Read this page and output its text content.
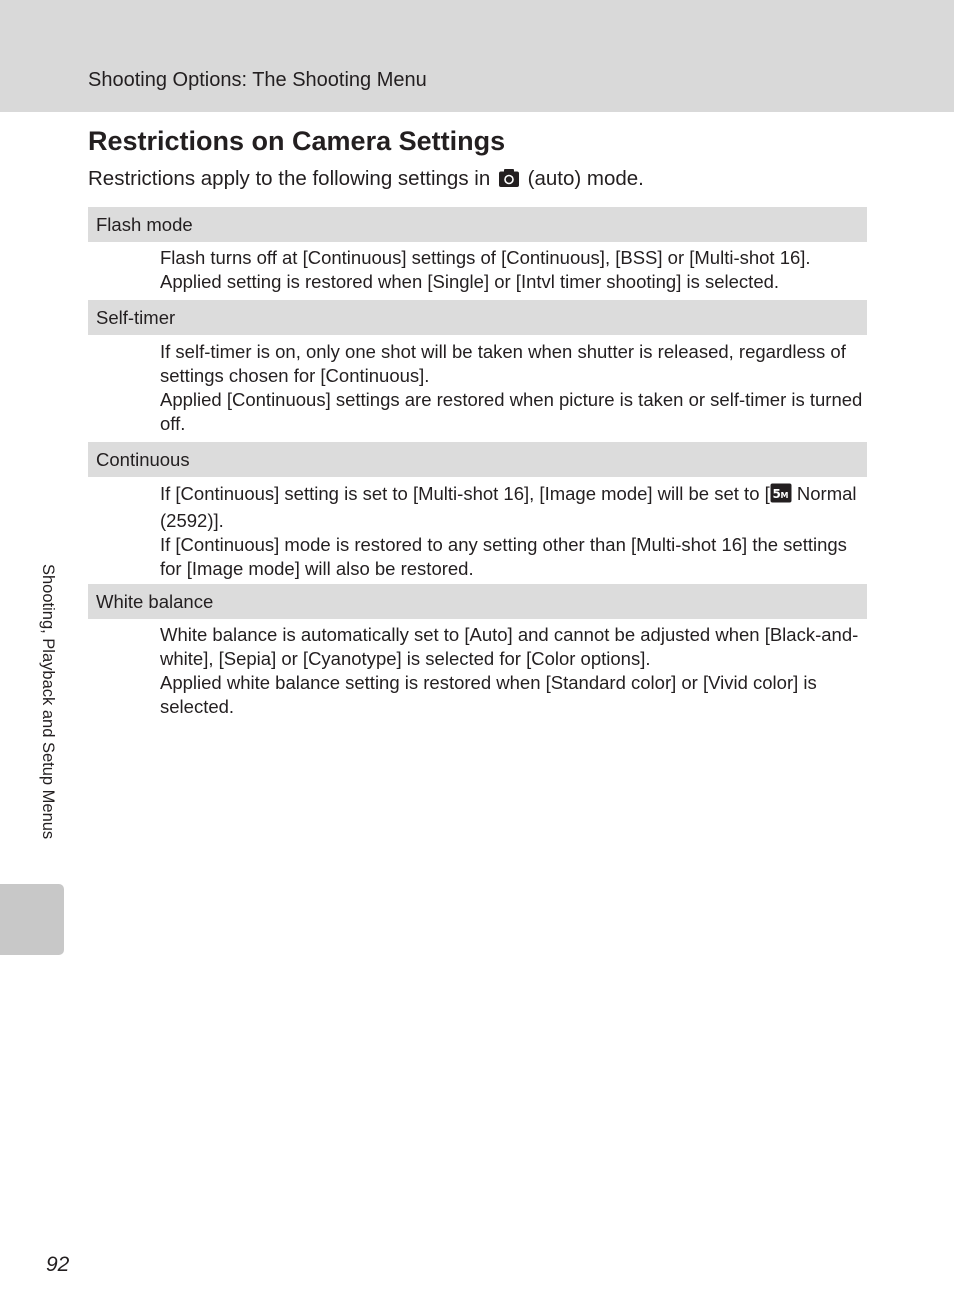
Shooting Options: The Shooting Menu
Restrictions on Camera Settings
Restrictions apply to the following settings in  (auto) mode.
Flash mode

Flash turns off at [Continuous] settings of [Continuous], [BSS] or [Multi-shot 16]. Applied setting is restored when [Single] or [Intvl timer shooting] is selected.

Self-timer

If self-timer is on, only one shot will be taken when shutter is released, regardless of settings chosen for [Continuous].

Applied [Continuous] settings are restored when picture is taken or self-timer is turned off.

Continuous

If [Continuous] setting is set to [Multi-shot 16], [Image mode] will be set to [ 5 M Normal (2592)].

If [Continuous] mode is restored to any setting other than [Multi-shot 16] the settings for [Image mode] will also be restored.

White balance

White balance is automatically set to [Auto] and cannot be adjusted when [Black-and-white], [Sepia] or [Cyanotype] is selected for [Color options].

Applied white balance setting is restored when [Standard color] or [Vivid color] is selected.

Shooting, Playback and Setup Menus
92
